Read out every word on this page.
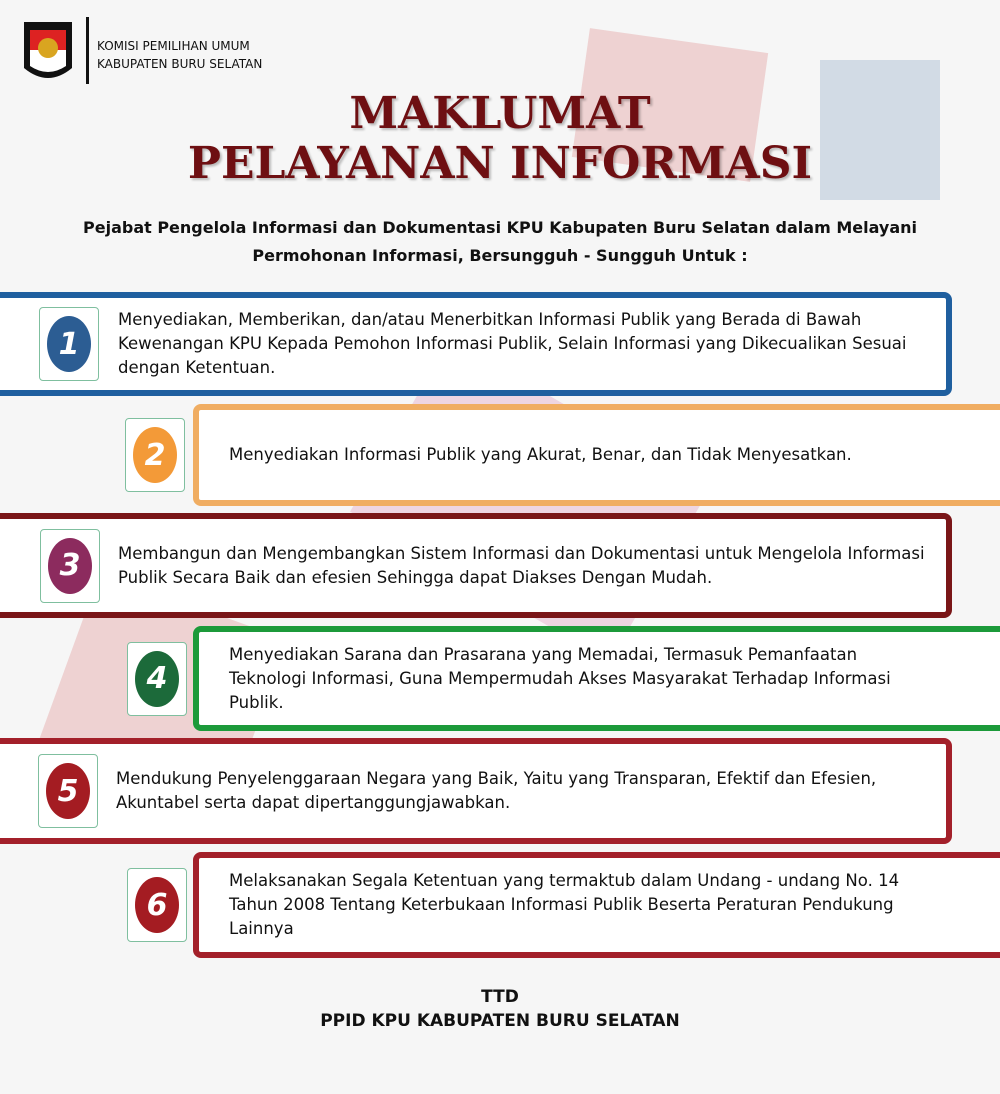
KOMISI PEMILIHAN UMUM
KABUPATEN BURU SELATAN
MAKLUMAT
PELAYANAN INFORMASI
Pejabat Pengelola Informasi dan Dokumentasi KPU Kabupaten Buru Selatan dalam Melayani
Permohonan Informasi, Bersungguh - Sungguh Untuk :

Menyediakan, Memberikan, dan/atau Menerbitkan Informasi Publik yang Berada di Bawah Kewenangan KPU Kepada Pemohon Informasi Publik, Selain Informasi yang Dikecualikan Sesuai dengan Ketentuan.

1

Menyediakan Informasi Publik yang Akurat, Benar, dan Tidak Menyesatkan.

2

Membangun dan Mengembangkan Sistem Informasi dan Dokumentasi untuk Mengelola Informasi Publik Secara Baik dan efesien Sehingga dapat Diakses Dengan Mudah.

3

Menyediakan Sarana dan Prasarana yang Memadai, Termasuk Pemanfaatan Teknologi Informasi, Guna Mempermudah Akses Masyarakat Terhadap Informasi Publik.

4

Mendukung Penyelenggaraan Negara yang Baik, Yaitu yang Transparan, Efektif dan Efesien, Akuntabel serta dapat dipertanggungjawabkan.

5

Melaksanakan Segala Ketentuan yang termaktub dalam Undang - undang No. 14 Tahun 2008 Tentang Keterbukaan Informasi Publik Beserta Peraturan Pendukung Lainnya

6
TTD
PPID KPU KABUPATEN BURU SELATAN
